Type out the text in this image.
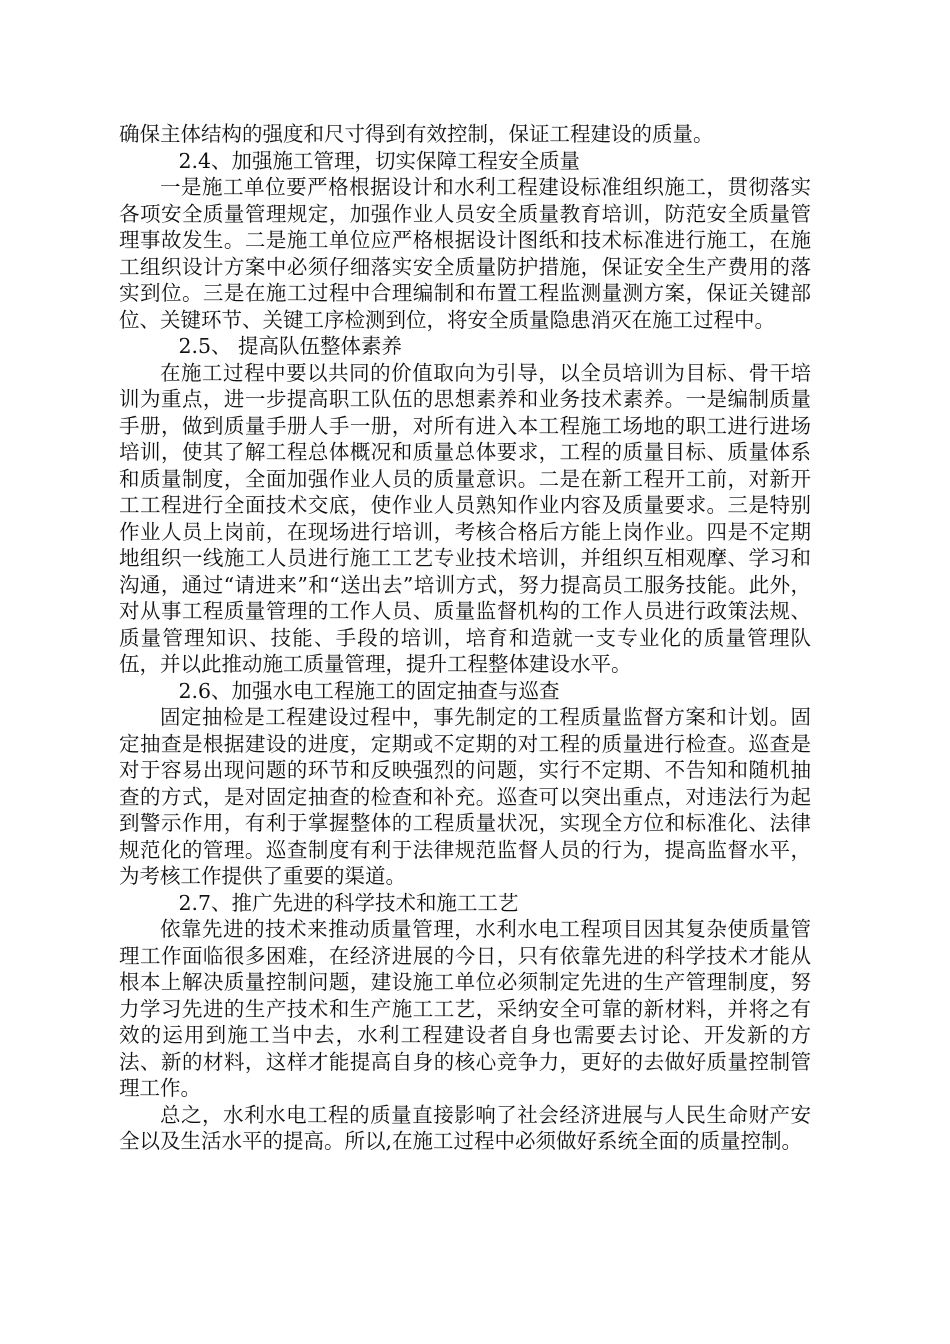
确保主体结构的强度和尺寸得到有效控制，保证工程建设的质量。

2.4、加强施工管理，切实保障工程安全质量

一是施工单位要严格根据设计和水利工程建设标准组织施工，贯彻落实各项安全质量管理规定，加强作业人员安全质量教育培训，防范安全质量管理事故发生。二是施工单位应严格根据设计图纸和技术标准进行施工，在施工组织设计方案中必须仔细落实安全质量防护措施，保证安全生产费用的落实到位。三是在施工过程中合理编制和布置工程监测量测方案，保证关键部位、关键环节、关键工序检测到位，将安全质量隐患消灭在施工过程中。

2.5、 提高队伍整体素养

在施工过程中要以共同的价值取向为引导，以全员培训为目标、骨干培训为重点，进一步提高职工队伍的思想素养和业务技术素养。一是编制质量手册，做到质量手册人手一册，对所有进入本工程施工场地的职工进行进场培训，使其了解工程总体概况和质量总体要求，工程的质量目标、质量体系和质量制度，全面加强作业人员的质量意识。二是在新工程开工前，对新开工工程进行全面技术交底，使作业人员熟知作业内容及质量要求。三是特别作业人员上岗前，在现场进行培训，考核合格后方能上岗作业。四是不定期地组织一线施工人员进行施工工艺专业技术培训，并组织互相观摩、学习和沟通，通过“请进来”和“送出去”培训方式，努力提高员工服务技能。此外，对从事工程质量管理的工作人员、质量监督机构的工作人员进行政策法规、质量管理知识、技能、手段的培训，培育和造就一支专业化的质量管理队伍，并以此推动施工质量管理，提升工程整体建设水平。

2.6、加强水电工程施工的固定抽查与巡查

固定抽检是工程建设过程中，事先制定的工程质量监督方案和计划。固定抽查是根据建设的进度，定期或不定期的对工程的质量进行检查。巡查是对于容易出现问题的环节和反映强烈的问题，实行不定期、不告知和随机抽查的方式，是对固定抽查的检查和补充。巡查可以突出重点，对违法行为起到警示作用，有利于掌握整体的工程质量状况，实现全方位和标准化、法律规范化的管理。巡查制度有利于法律规范监督人员的行为，提高监督水平，为考核工作提供了重要的渠道。

2.7、推广先进的科学技术和施工工艺

依靠先进的技术来推动质量管理，水利水电工程项目因其复杂使质量管理工作面临很多困难，在经济进展的今日，只有依靠先进的科学技术才能从根本上解决质量控制问题，建设施工单位必须制定先进的生产管理制度，努力学习先进的生产技术和生产施工工艺，采纳安全可靠的新材料，并将之有效的运用到施工当中去，水利工程建设者自身也需要去讨论、开发新的方法、新的材料，这样才能提高自身的核心竞争力，更好的去做好质量控制管理工作。

总之，水利水电工程的质量直接影响了社会经济进展与人民生命财产安全以及生活水平的提高。所以,在施工过程中必须做好系统全面的质量控制。
